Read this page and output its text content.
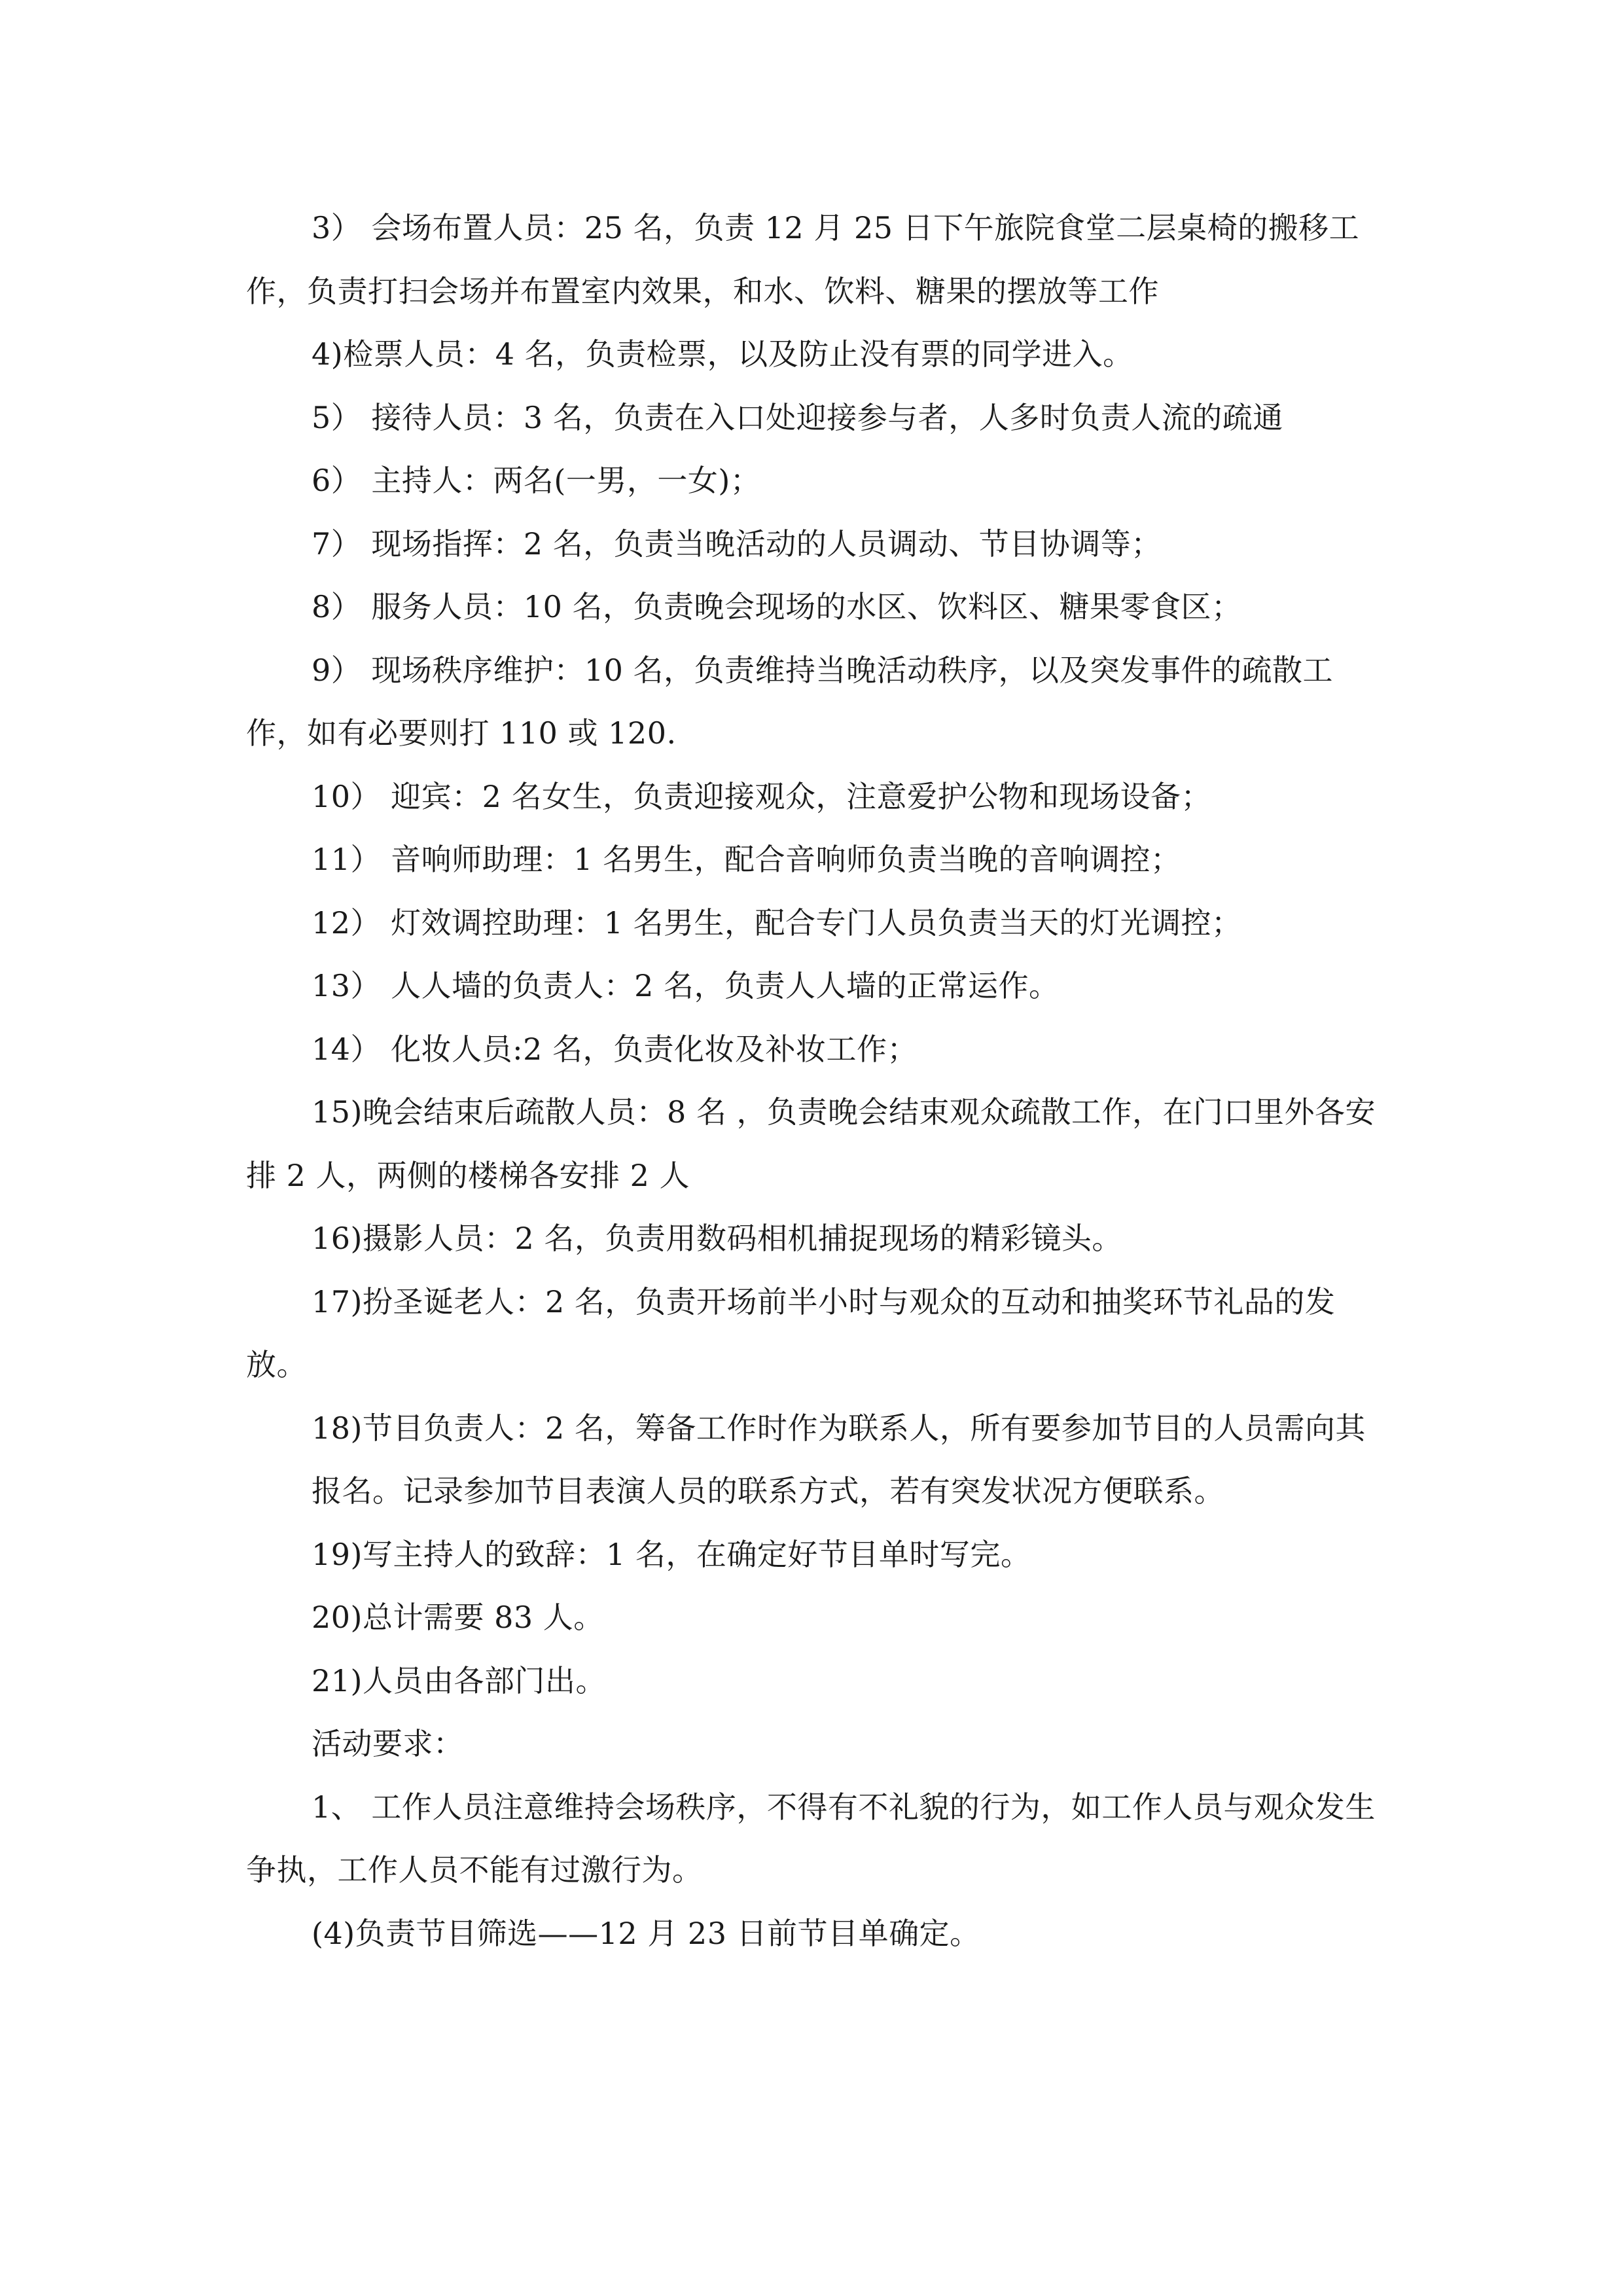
3） 会场布置人员：25 名，负责 12 月 25 日下午旅院食堂二层桌椅的搬移工作，负责打扫会场并布置室内效果，和水、饮料、糖果的摆放等工作

4)检票人员：4 名，负责检票，以及防止没有票的同学进入。

5） 接待人员：3 名，负责在入口处迎接参与者，人多时负责人流的疏通

6） 主持人：两名(一男，一女)；

7） 现场指挥：2 名，负责当晚活动的人员调动、节目协调等；

8） 服务人员：10 名，负责晚会现场的水区、饮料区、糖果零食区；

9） 现场秩序维护：10 名，负责维持当晚活动秩序，以及突发事件的疏散工作，如有必要则打 110 或 120.

10） 迎宾：2 名女生，负责迎接观众，注意爱护公物和现场设备；

11） 音响师助理：1 名男生，配合音响师负责当晚的音响调控；

12） 灯效调控助理：1 名男生，配合专门人员负责当天的灯光调控；

13） 人人墙的负责人：2 名，负责人人墙的正常运作。

14） 化妆人员:2 名，负责化妆及补妆工作；

15)晚会结束后疏散人员：8 名 ，负责晚会结束观众疏散工作，在门口里外各安排 2 人，两侧的楼梯各安排 2 人

16)摄影人员：2 名，负责用数码相机捕捉现场的精彩镜头。

17)扮圣诞老人：2 名，负责开场前半小时与观众的互动和抽奖环节礼品的发放。

18)节目负责人：2 名，筹备工作时作为联系人，所有要参加节目的人员需向其

报名。记录参加节目表演人员的联系方式，若有突发状况方便联系。

19)写主持人的致辞：1 名，在确定好节目单时写完。

20)总计需要 83 人。

21)人员由各部门出。

活动要求：

1、 工作人员注意维持会场秩序，不得有不礼貌的行为，如工作人员与观众发生争执，工作人员不能有过激行为。

(4)负责节目筛选——12 月 23 日前节目单确定。
